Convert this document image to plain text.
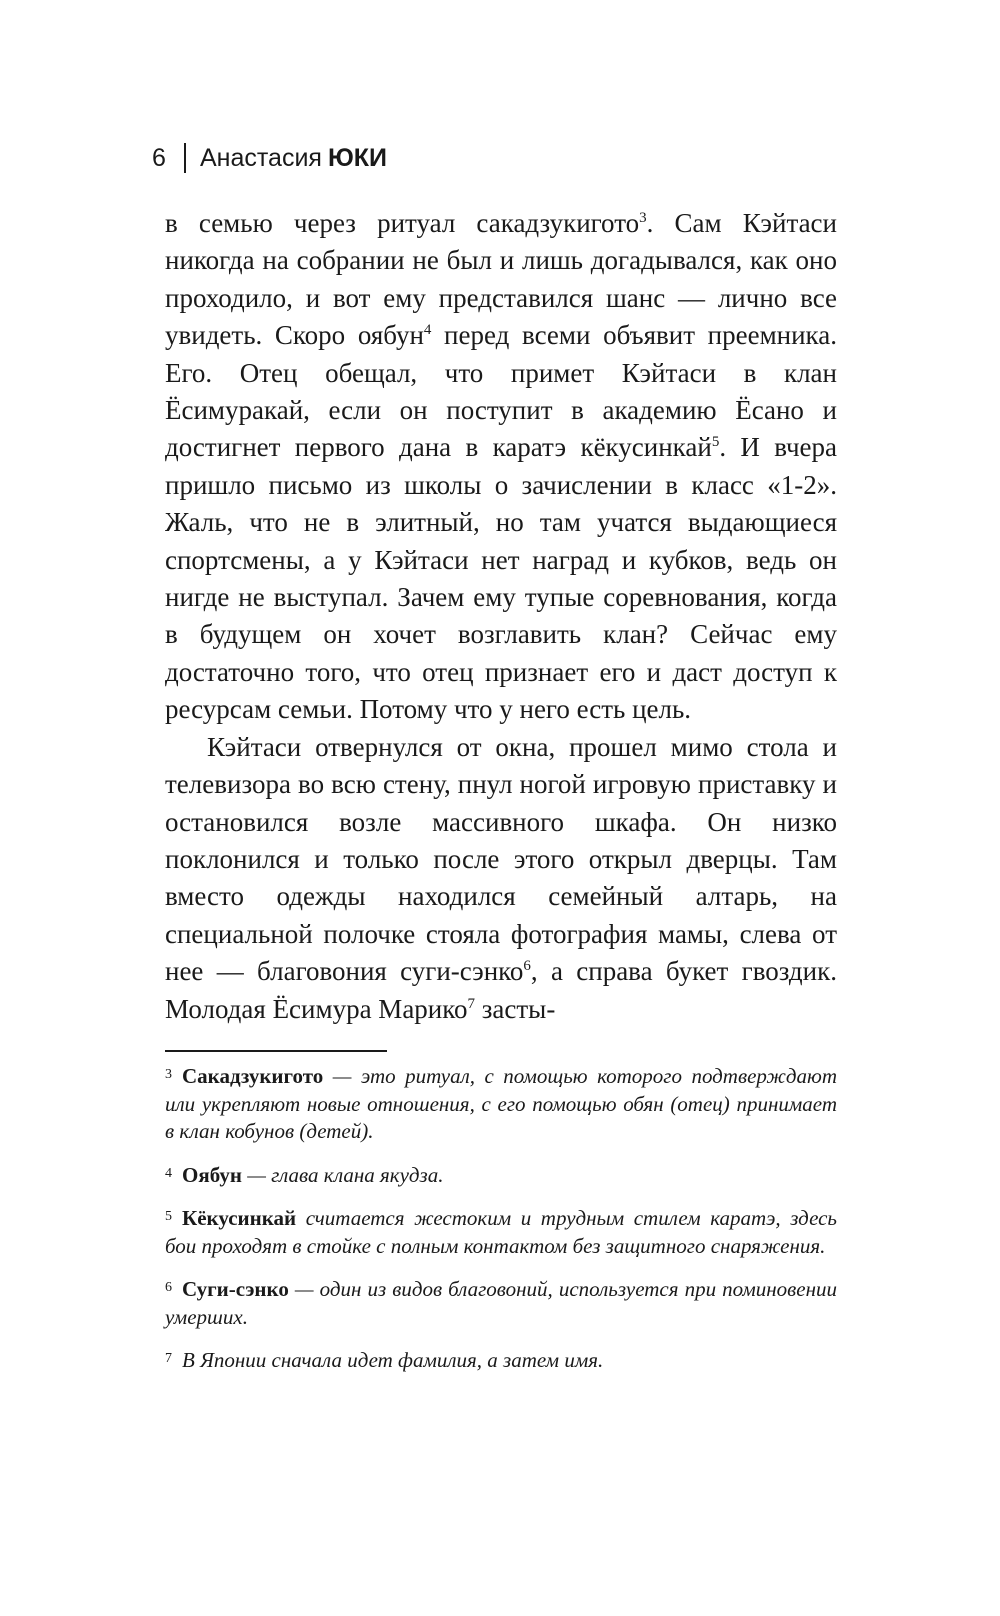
6	Анастасия ЮКИ

в семью через ритуал сакадзукигото$^3$. Сам Кэйтаси никогда на собрании не был и лишь догадывался, как оно проходило, и вот ему представился шанс — лично все увидеть. Скоро оябун$^4$ перед всеми объявит преемника. Его. Отец обещал, что примет Кэйтаси в клан Ёсимуракай, если он поступит в академию Ёсано и достигнет первого дана в каратэ кёкусинкай$^5$. И вчера пришло письмо из школы о зачислении в класс «1-2». Жаль, что не в элитный, но там учатся выдающиеся спортсмены, а у Кэйтаси нет наград и кубков, ведь он нигде не выступал. Зачем ему тупые соревнования, когда в будущем он хочет возглавить клан? Сейчас ему достаточно того, что отец признает его и даст доступ к ресурсам семьи. Потому что у него есть цель.

Кэйтаси отвернулся от окна, прошел мимо стола и телевизора во всю стену, пнул ногой игровую приставку и остановился возле массивного шкафа. Он низко поклонился и только после этого открыл дверцы. Там вместо одежды находился семейный алтарь, на специальной полочке стояла фотография мамы, слева от нее — благовония суги-сэнко$^6$, а справа букет гвоздик. Молодая Ёсимура Марико$^7$ засты-

$^3$ Сакадзукигото — это ритуал, с помощью которого подтверждают или укрепляют новые отношения, с его помощью обян (отец) принимает в клан кобунов (детей).

$^4$ Оябун — глава клана якудза.

$^5$ Кёкусинкай считается жестоким и трудным стилем каратэ, здесь бои проходят в стойке с полным контактом без защитного снаряжения.

$^6$ Суги-сэнко — один из видов благовоний, используется при поминовении умерших.

$^7$ В Японии сначала идет фамилия, а затем имя.
